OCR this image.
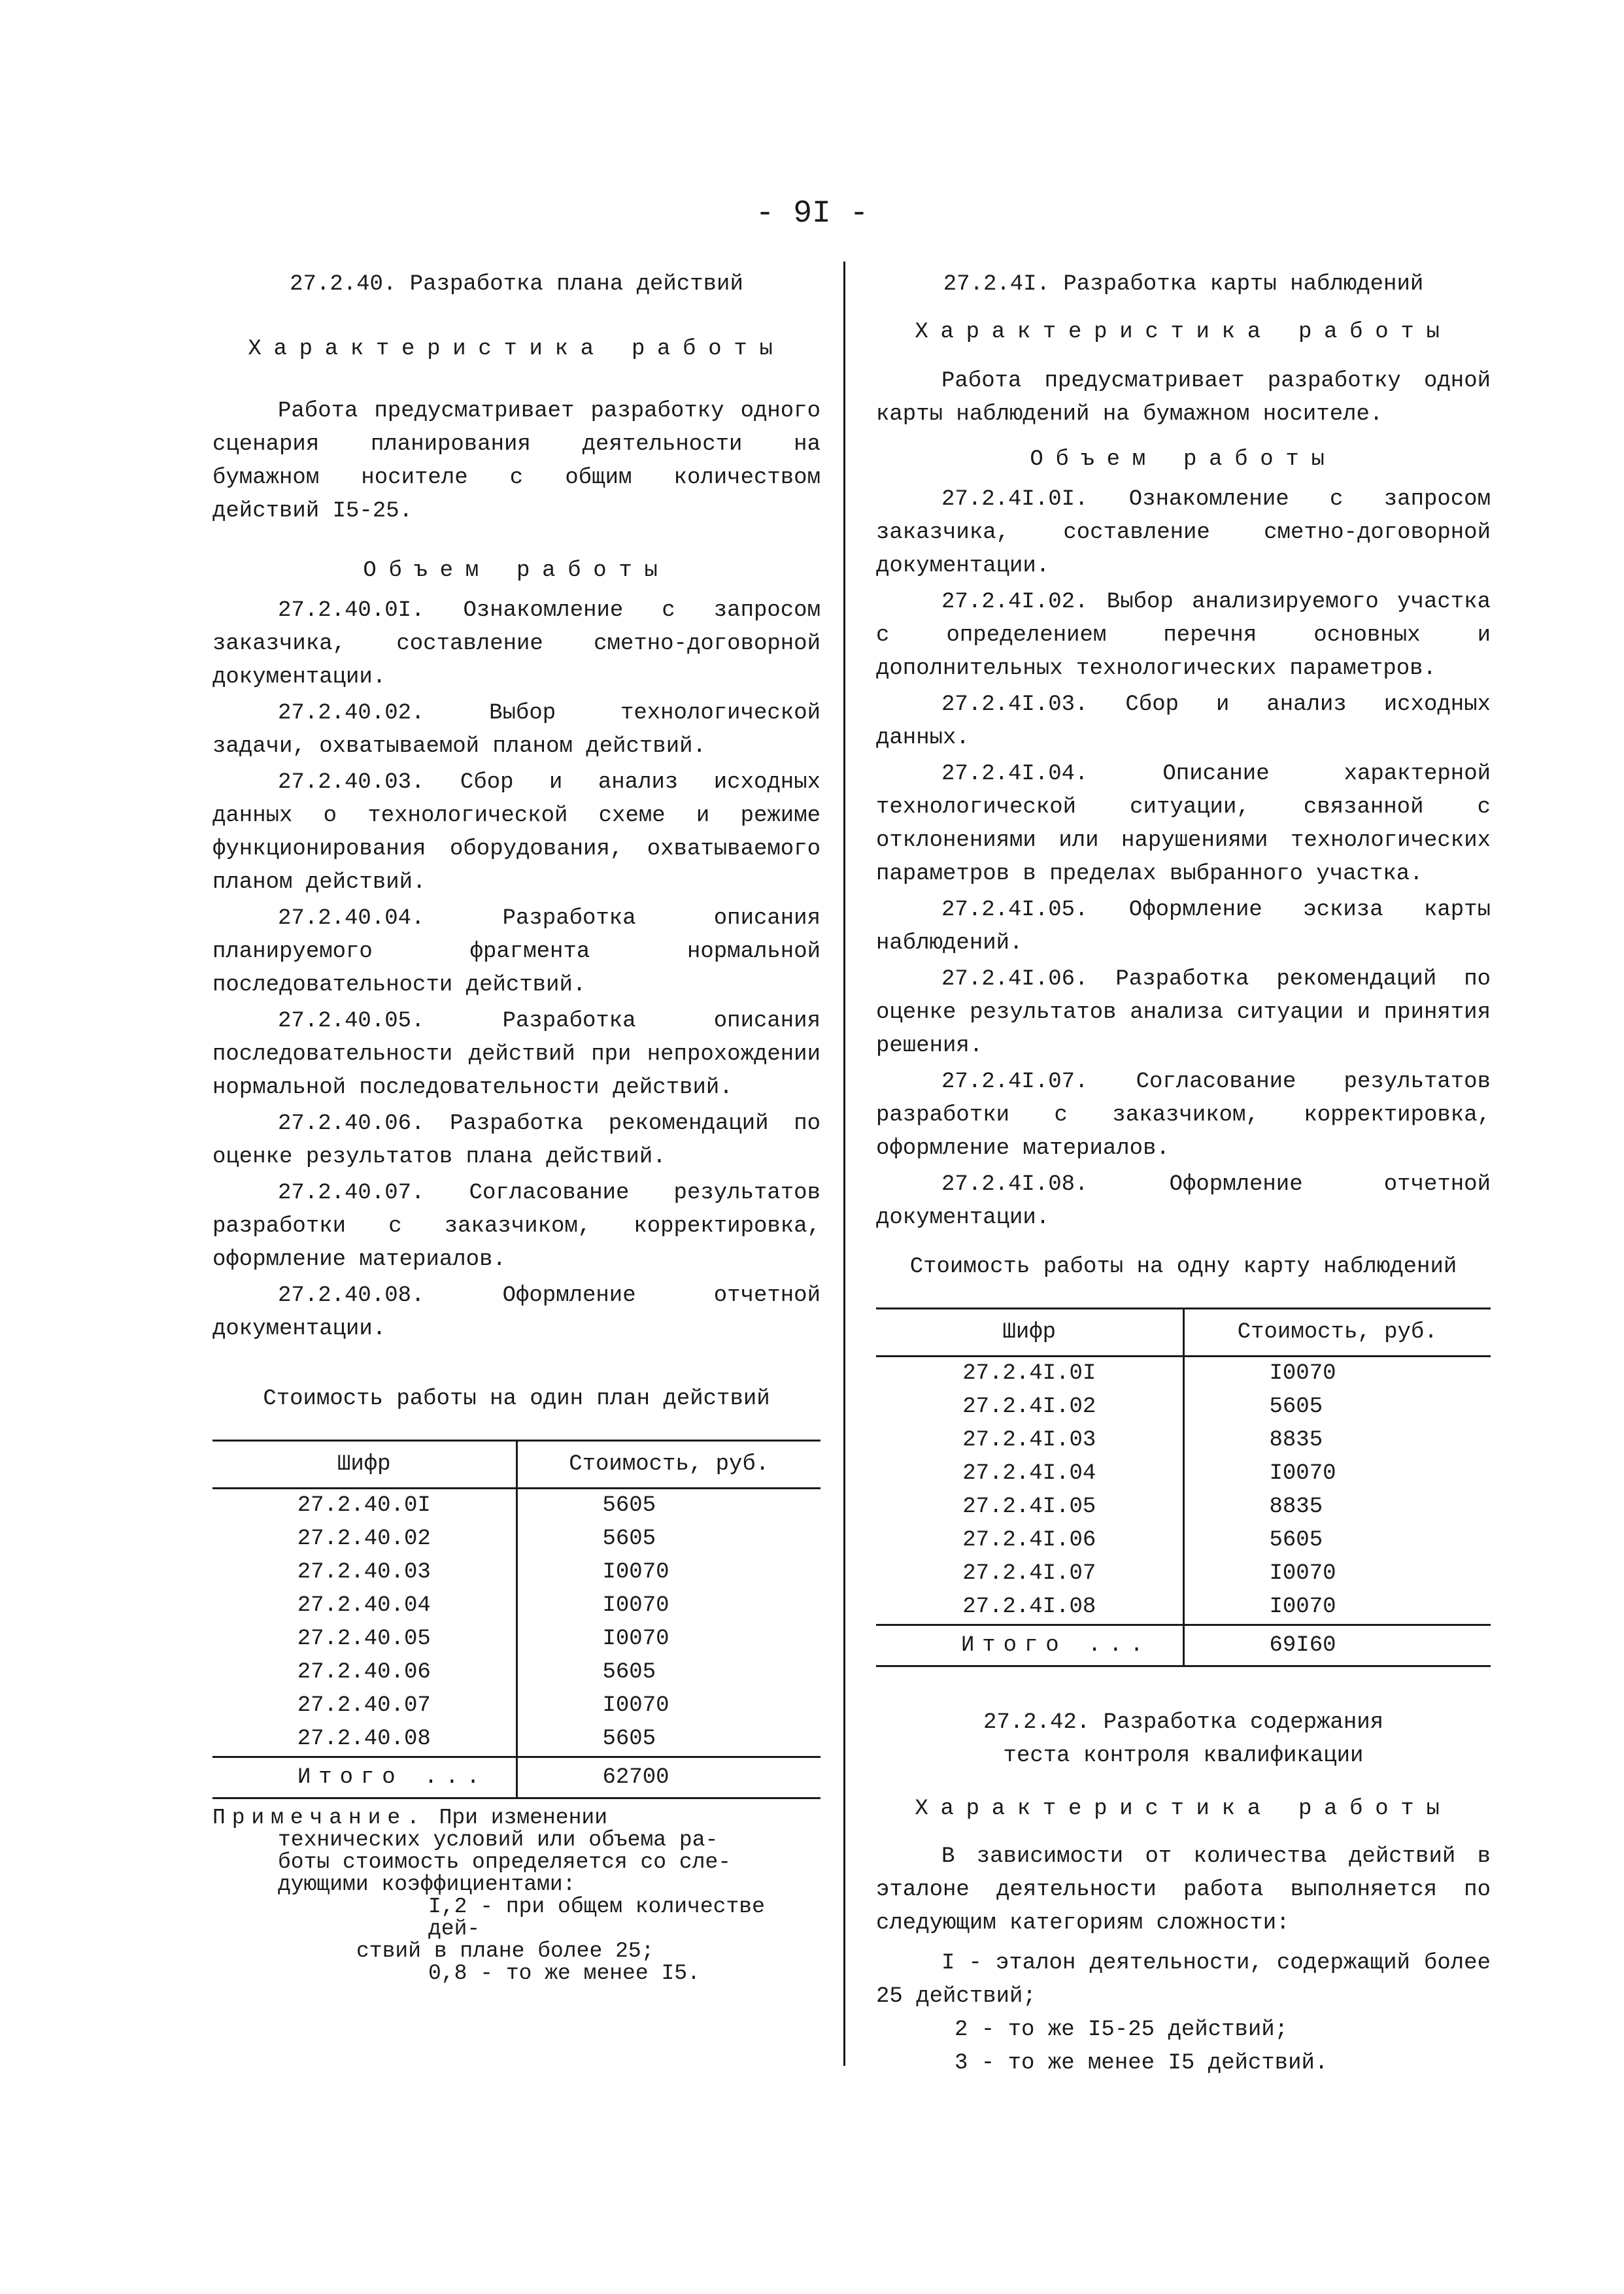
- 9I -
27.2.40. Разработка плана действий
Характеристика работы

Работа предусматривает разработку одного сценария планирования деятельности на бумажном носителе с общим количеством действий I5-25.

Объем работы

27.2.40.0I. Ознакомление с запросом заказчика, составление сметно-договорной документации.

27.2.40.02. Выбор технологической задачи, охватываемой планом действий.

27.2.40.03. Сбор и анализ исходных данных о технологической схеме и режиме функционирования оборудования, охватываемого планом действий.

27.2.40.04. Разработка описания планируемого фрагмента нормальной последовательности действий.

27.2.40.05. Разработка описания последовательности действий при непрохождении нормальной последовательности действий.

27.2.40.06. Разработка рекомендаций по оценке результатов плана действий.

27.2.40.07. Согласование результатов разработки с заказчиком, корректировка, оформление материалов.

27.2.40.08. Оформление отчетной документации.

Стоимость работы на один план действий
Шифр	Стоимость, руб.
27.2.40.0I	5605
27.2.40.02	5605
27.2.40.03	I0070
27.2.40.04	I0070
27.2.40.05	I0070
27.2.40.06	5605
27.2.40.07	I0070
27.2.40.08	5605
Итого ...	62700
Примечание. При изменении
технических условий или объема ра-
боты стоимость определяется со сле-
дующими коэффициентами:
I,2 - при общем количестве дей-
ствий в плане более 25;
0,8 - то же менее I5.
27.2.4I. Разработка карты наблюдений
Характеристика работы

Работа предусматривает разработку одной карты наблюдений на бумажном носителе.

Объем работы

27.2.4I.0I. Ознакомление с запросом заказчика, составление сметно-договорной документации.

27.2.4I.02. Выбор анализируемого участка с определением перечня основных и дополнительных технологических параметров.

27.2.4I.03. Сбор и анализ исходных данных.

27.2.4I.04. Описание характерной технологической ситуации, связанной с отклонениями или нарушениями технологических параметров в пределах выбранного участка.

27.2.4I.05. Оформление эскиза карты наблюдений.

27.2.4I.06. Разработка рекомендаций по оценке результатов анализа ситуации и принятия решения.

27.2.4I.07. Согласование результатов разработки с заказчиком, корректировка, оформление материалов.

27.2.4I.08. Оформление отчетной документации.

Стоимость работы на одну карту наблюдений
Шифр	Стоимость, руб.
27.2.4I.0I	I0070
27.2.4I.02	5605
27.2.4I.03	8835
27.2.4I.04	I0070
27.2.4I.05	8835
27.2.4I.06	5605
27.2.4I.07	I0070
27.2.4I.08	I0070
Итого ...	69I60
27.2.42. Разработка содержания
теста контроля квалификации
Характеристика работы

В зависимости от количества действий в эталоне деятельности работа выполняется по следующим категориям сложности:

I - эталон деятельности, содержащий более 25 действий;

2 - то же I5-25 действий;

3 - то же менее I5 действий.
